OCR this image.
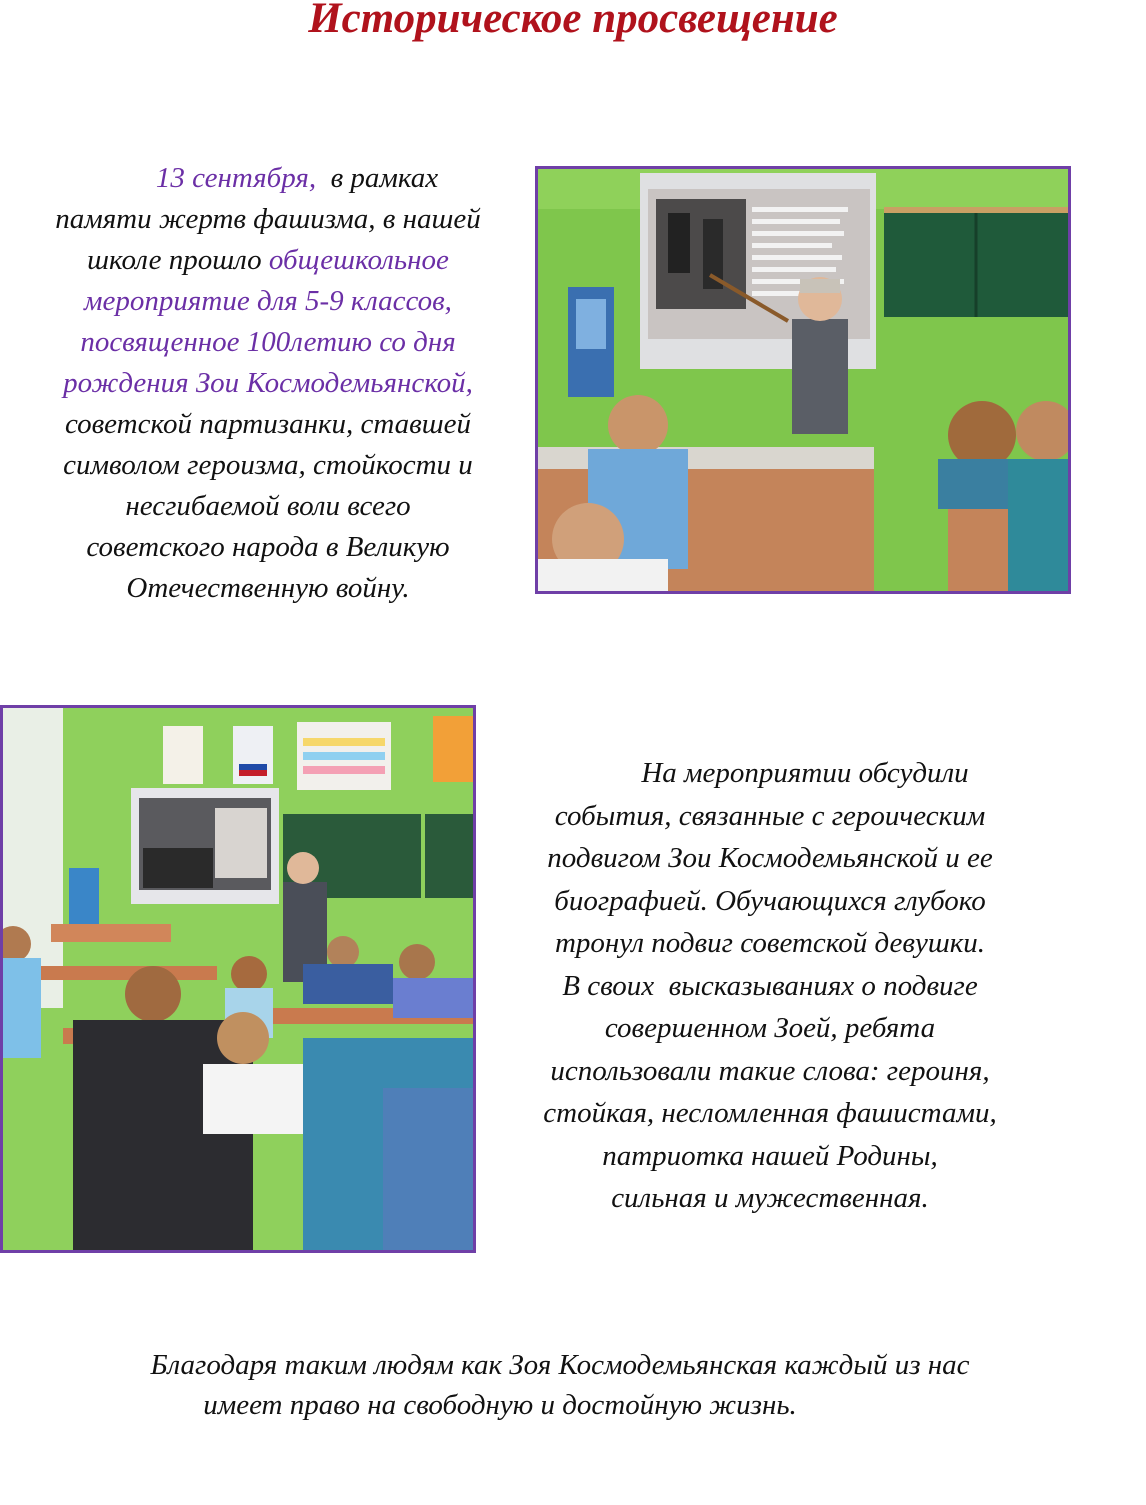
Историческое просвещение

13 сентября,  в рамках
памяти жертв фашизма, в нашей
школе прошло общешкольное
мероприятие для 5-9 классов,
посвященное 100летию со дня
рождения Зои Космодемьянской,
советской партизанки, ставшей
символом героизма, стойкости и
несгибаемой воли всего
советского народа в Великую
Отечественную войну.

На мероприятии обсудили
события, связанные с героическим
подвигом Зои Космодемьянской и ее
биографией. Обучающихся глубоко
тронул подвиг советской девушки.
В своих  высказываниях о подвиге
совершенном Зоей, ребята
использовали такие слова: героиня,
стойкая, несломленная фашистами,
патриотка нашей Родины,
сильная и мужественная.

Благодаря таким людям как Зоя Космодемьянская каждый из нас
имеет право на свободную и достойную жизнь.
